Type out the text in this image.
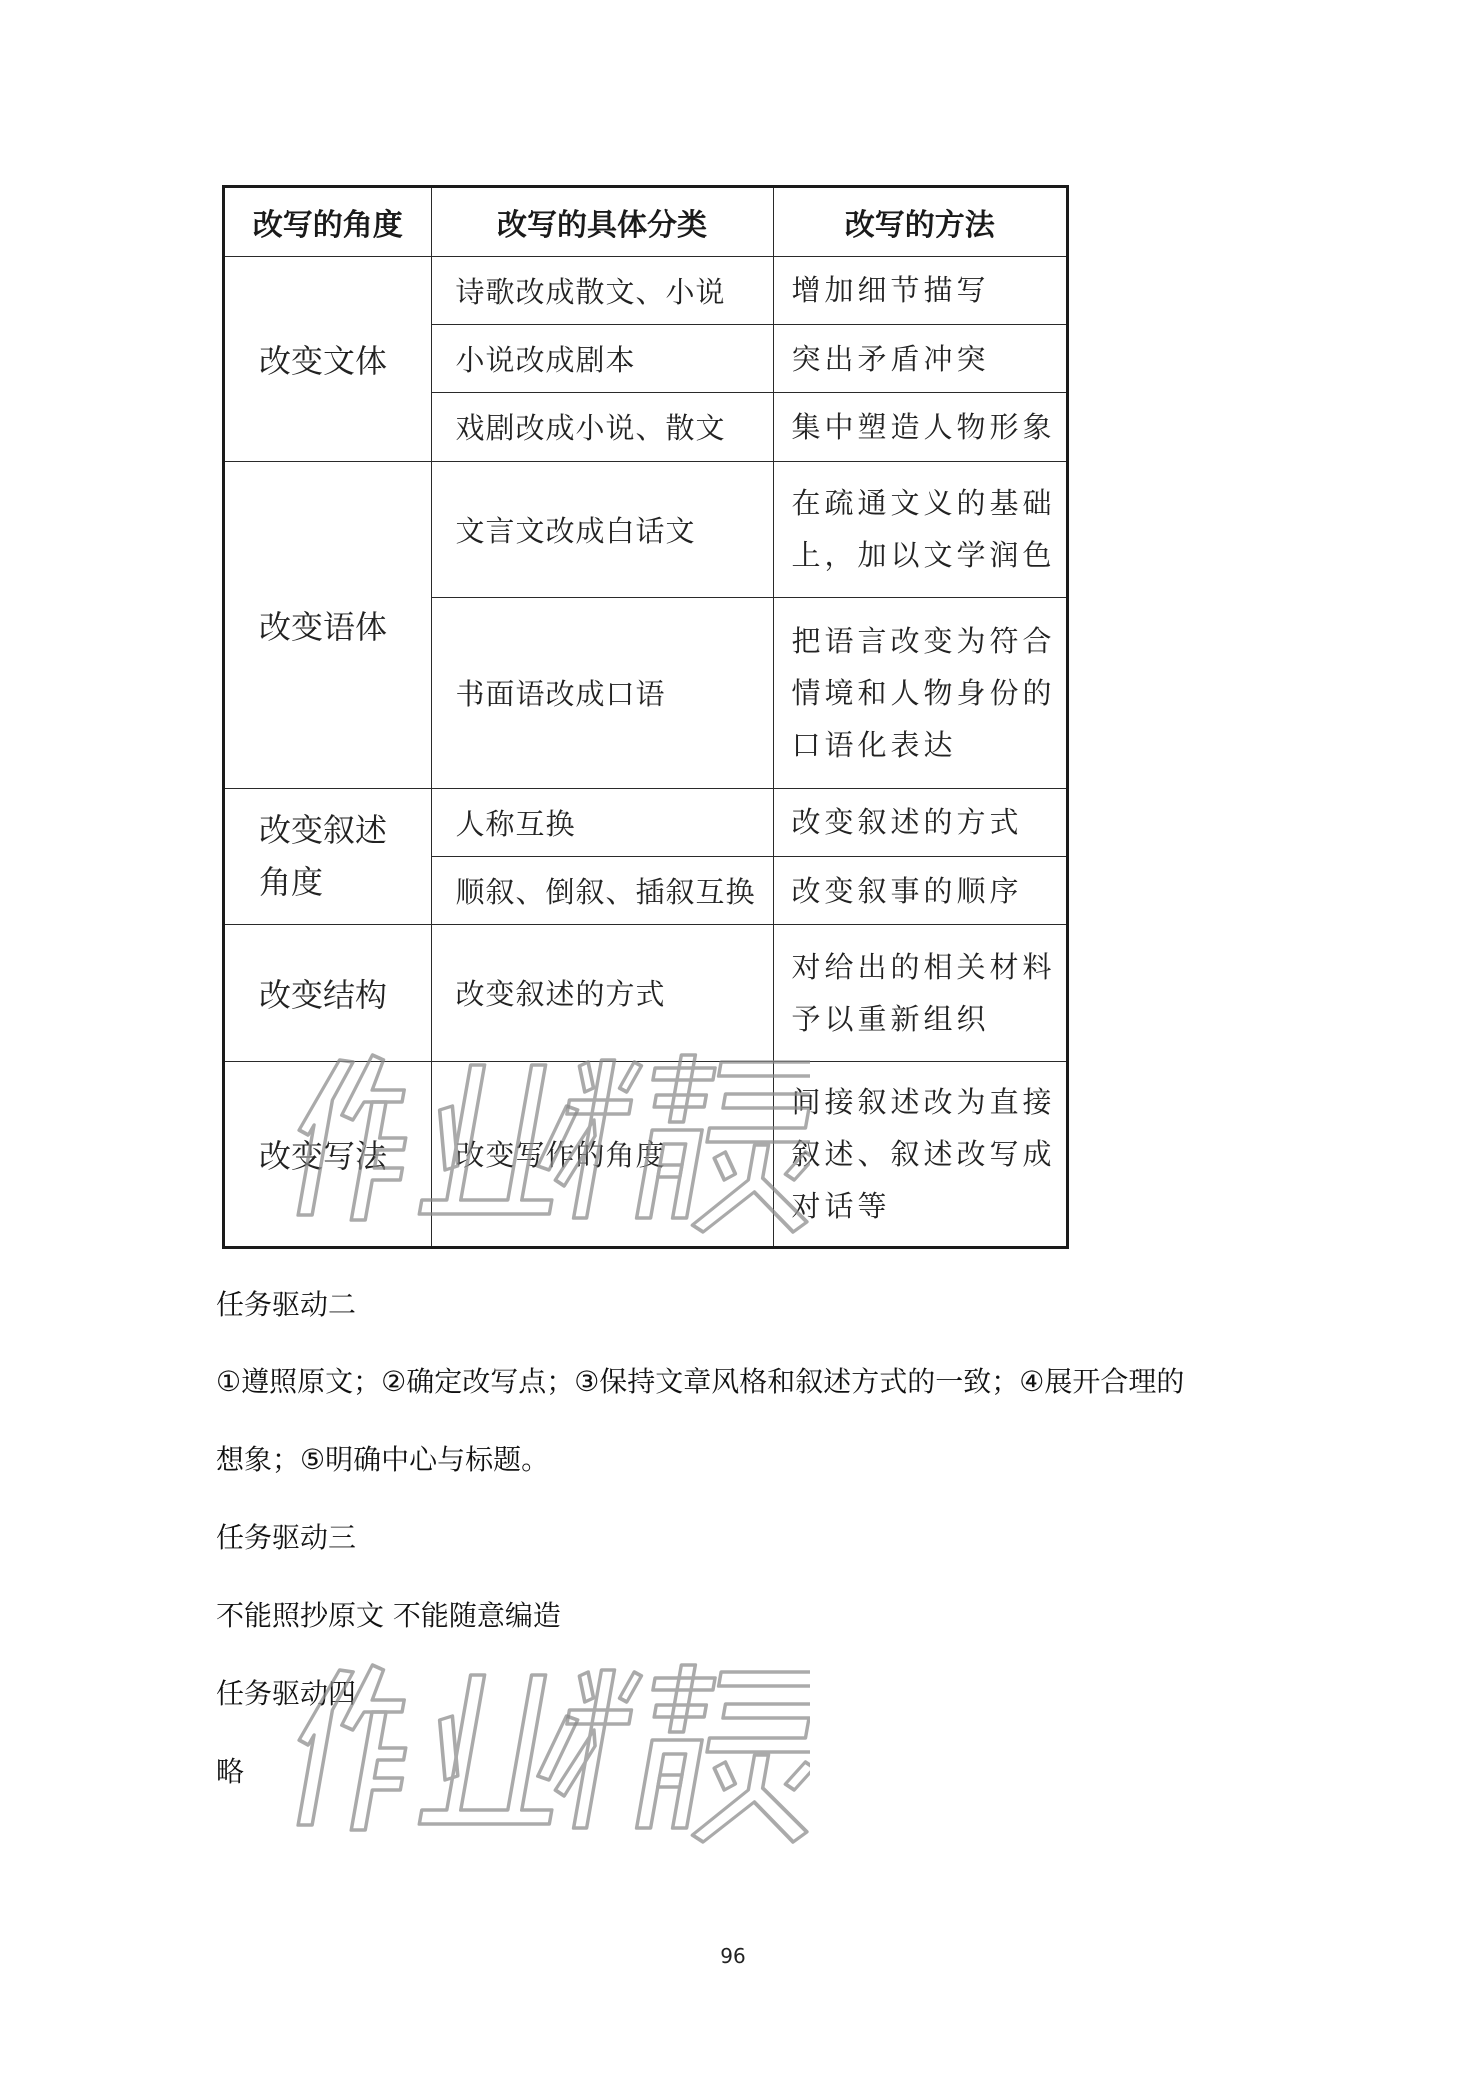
改写的角度	改写的具体分类	改写的方法
改变文体	诗歌改成散文、小说	增加细节描写
	小说改成剧本	突出矛盾冲突
	戏剧改成小说、散文	集中塑造人物形象
改变语体	文言文改成白话文	在疏通文义的基础上，加以文学润色
	书面语改成口语	把语言改变为符合情境和人物身份的口语化表达
改变叙述角度	人称互换	改变叙述的方式
	顺叙、倒叙、插叙互换	改变叙事的顺序
改变结构	改变叙述的方式	对给出的相关材料予以重新组织
改变写法	改变写作的角度	间接叙述改为直接叙述、叙述改写成对话等

任务驱动二

①遵照原文；②确定改写点；③保持文章风格和叙述方式的一致；④展开合理的

想象；⑤明确中心与标题。

任务驱动三

不能照抄原文 不能随意编造

任务驱动四

略

96
